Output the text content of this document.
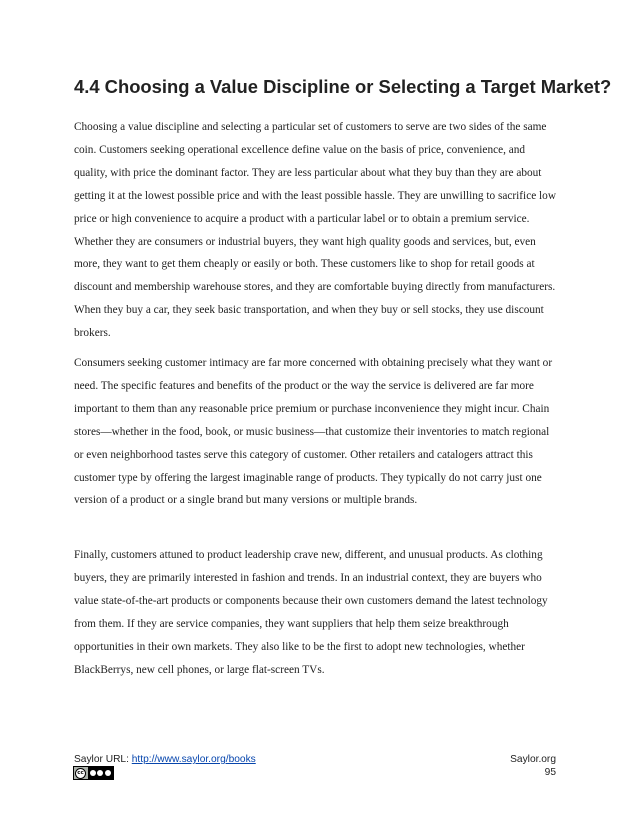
4.4 Choosing a Value Discipline or Selecting a Target Market?

Choosing a value discipline and selecting a particular set of customers to serve are two sides of the same coin. Customers seeking operational excellence define value on the basis of price, convenience, and quality, with price the dominant factor. They are less particular about what they buy than they are about getting it at the lowest possible price and with the least possible hassle. They are unwilling to sacrifice low price or high convenience to acquire a product with a particular label or to obtain a premium service. Whether they are consumers or industrial buyers, they want high quality goods and services, but, even more, they want to get them cheaply or easily or both. These customers like to shop for retail goods at discount and membership warehouse stores, and they are comfortable buying directly from manufacturers. When they buy a car, they seek basic transportation, and when they buy or sell stocks, they use discount brokers.

Consumers seeking customer intimacy are far more concerned with obtaining precisely what they want or need. The specific features and benefits of the product or the way the service is delivered are far more important to them than any reasonable price premium or purchase inconvenience they might incur. Chain stores—whether in the food, book, or music business—that customize their inventories to match regional or even neighborhood tastes serve this category of customer. Other retailers and catalogers attract this customer type by offering the largest imaginable range of products. They typically do not carry just one version of a product or a single brand but many versions or multiple brands.

Finally, customers attuned to product leadership crave new, different, and unusual products. As clothing buyers, they are primarily interested in fashion and trends. In an industrial context, they are buyers who value state-of-the-art products or components because their own customers demand the latest technology from them. If they are service companies, they want suppliers that help them seize breakthrough opportunities in their own markets. They also like to be the first to adopt new technologies, whether BlackBerrys, new cell phones, or large flat-screen TVs.

Saylor URL: http://www.saylor.org/books
cc
Saylor.org
95
